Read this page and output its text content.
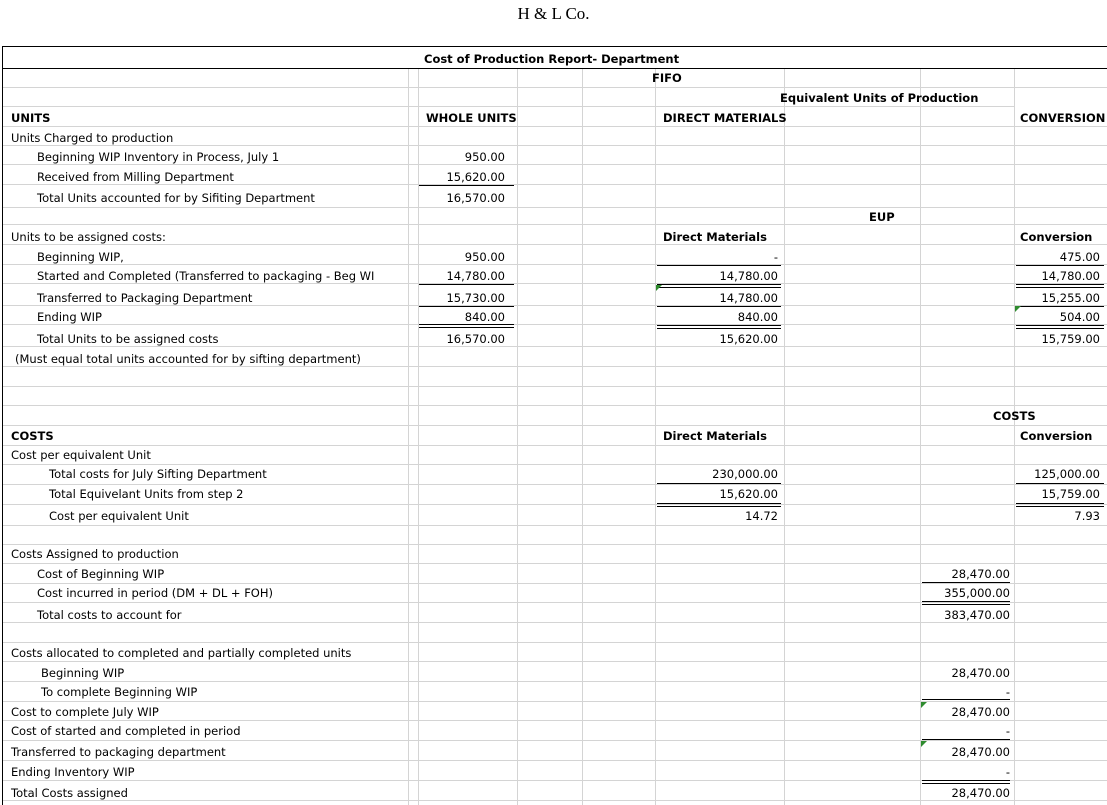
H & L Co.
Cost of Production Report- Department
FIFO
Equivalent Units of Production
UNITS	WHOLE UNITS	DIRECT MATERIALS	CONVERSION
Units Charged to production
Beginning WIP Inventory in Process, July 1	950.00
Received from Milling Department	15,620.00
Total Units accounted for by Sifiting Department	16,570.00
EUP
Units to be assigned costs:	Direct Materials	Conversion
Beginning WIP,	950.00	-	475.00
Started and Completed (Transferred to packaging - Beg WI	14,780.00	14,780.00	14,780.00
Transferred to Packaging Department	15,730.00	14,780.00	15,255.00
Ending WIP	840.00	840.00	504.00
Total Units to be assigned costs	16,570.00	15,620.00	15,759.00
(Must equal total units accounted for by sifting department)
COSTS
COSTS	Direct Materials	Conversion
Cost per equivalent Unit
Total costs for July Sifting Department	230,000.00	125,000.00
Total Equivelant Units from step 2	15,620.00	15,759.00
Cost per equivalent Unit	14.72	7.93
Costs Assigned to production
Cost of Beginning WIP	28,470.00
Cost incurred in period (DM + DL + FOH)	355,000.00
Total costs to account for	383,470.00
Costs allocated to completed and partially completed units
Beginning WIP	28,470.00
To complete Beginning WIP	-
Cost to complete July WIP	28,470.00
Cost of started and completed in period	-
Transferred to packaging department	28,470.00
Ending Inventory WIP	-
Total Costs assigned	28,470.00
